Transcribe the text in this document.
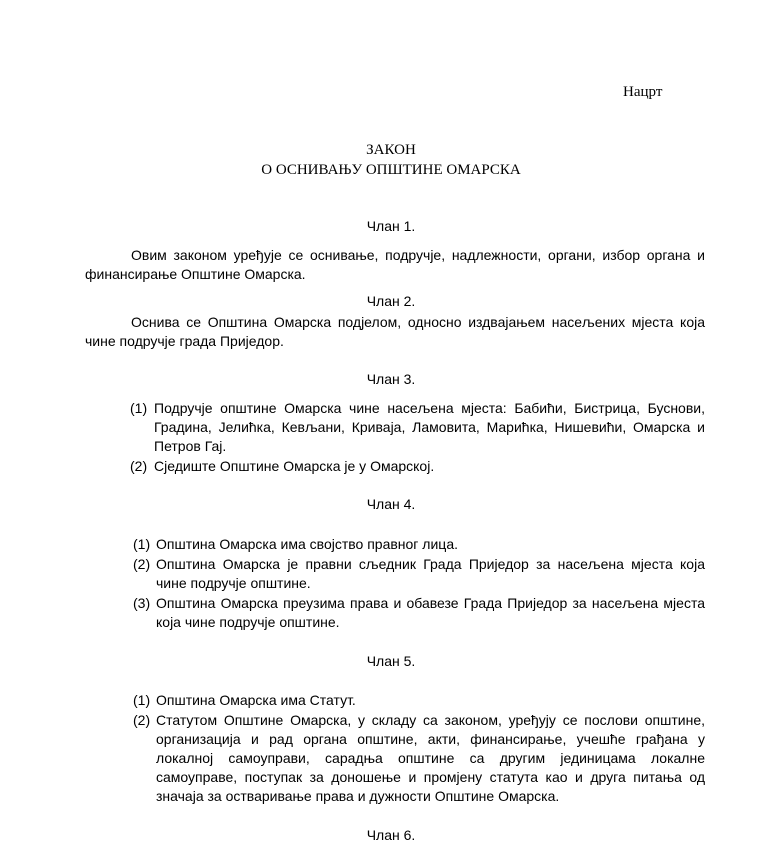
Нацрт
ЗАКОН
О ОСНИВАЊУ ОПШТИНЕ ОМАРСКА
Члан 1.

Овим законом уређује се оснивање, подручје, надлежности, органи, избор органа и финансирање Општине Омарска.

Члан 2.

Оснива се Општина Омарска подјелом, односно издвајањем насељених мјеста која чине подручје града Приједор.

Члан 3.
(1) Подручје општине Омарска чине насељена мјеста: Бабићи, Бистрица, Буснови, Градина, Јелићка, Кевљани, Криваја, Ламовита, Марићка, Нишевићи, Омарска и Петров Гај.
(2) Сједиште Општине Омарска је у Омарској.
Члан 4.
(1) Општина Омарска има својство правног лица.
(2) Општина Омарска је правни сљедник Града Приједор за насељена мјеста која чине подручје општине.
(3) Општина Омарска преузима права и обавезе Града Приједор за насељена мјеста која чине подручје општине.
Члан 5.
(1) Општина Омарска има Статут.
(2) Статутом Општине Омарска, у складу са законом, уређују се послови општине, организација и рад органа општине, акти, финансирање, учешће грађана у локалној самоуправи, сарадња општине са другим јединицама локалне самоуправе, поступак за доношење и промјену статута као и друга питања од значаја за остваривање права и дужности Општине Омарска.
Члан 6.
